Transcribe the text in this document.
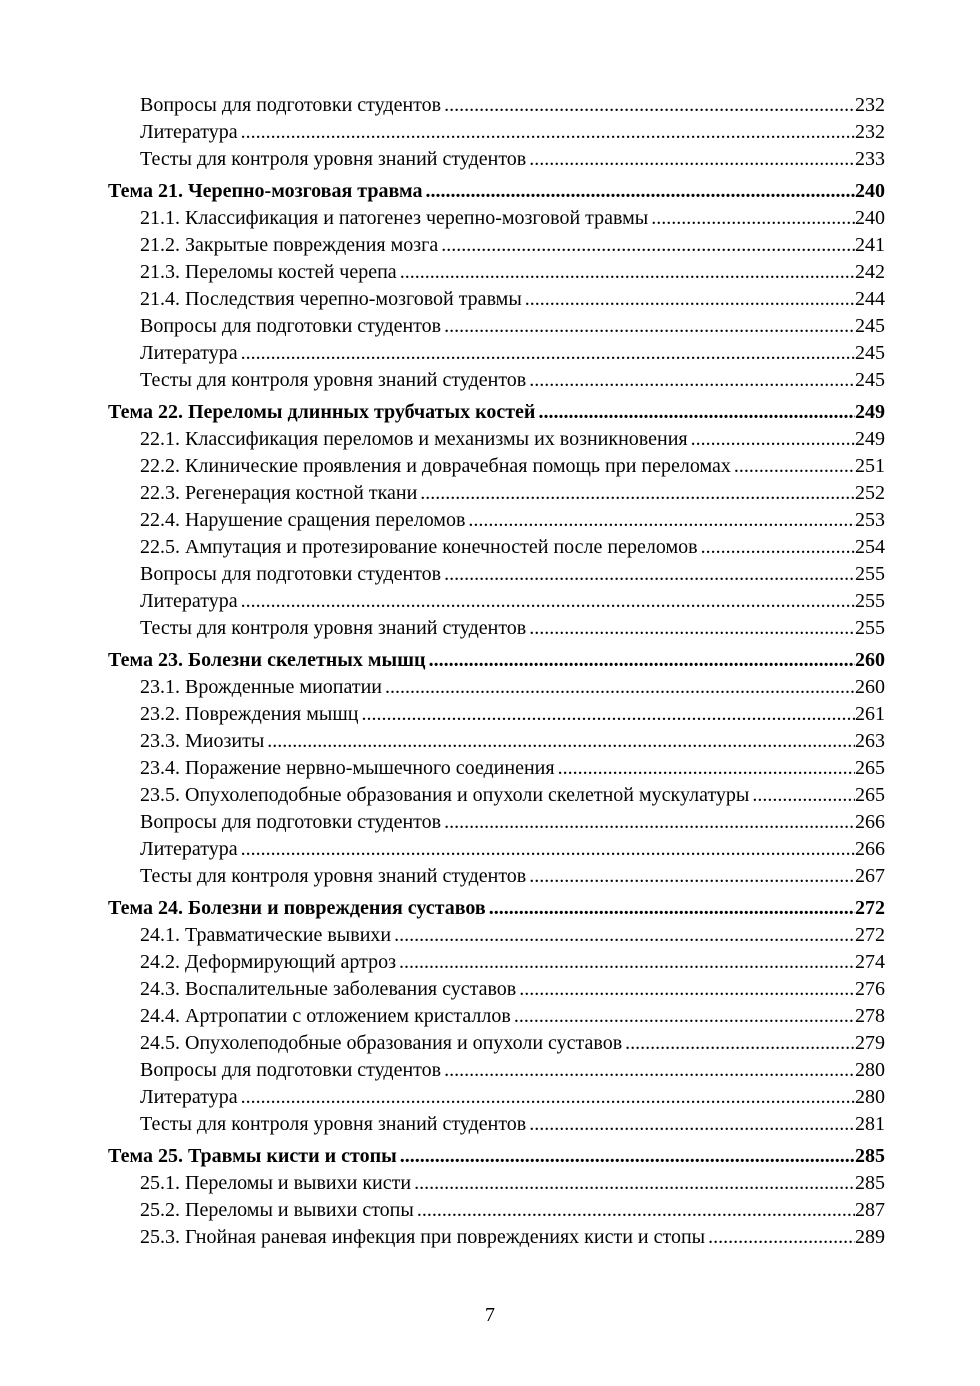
Вопросы для подготовки студентов .....	232
Литература .....	232
Тесты для контроля уровня знаний студентов .....	233
Тема 21. Черепно-мозговая травма .....	240
21.1. Классификация и патогенез черепно-мозговой травмы .....	240
21.2. Закрытые повреждения мозга .....	241
21.3. Переломы костей черепа .....	242
21.4. Последствия черепно-мозговой травмы .....	244
Вопросы для подготовки студентов .....	245
Литература .....	245
Тесты для контроля уровня знаний студентов .....	245
Тема 22. Переломы длинных трубчатых костей .....	249
22.1. Классификация переломов и механизмы их возникновения .....	249
22.2. Клинические проявления и доврачебная помощь при переломах .....	251
22.3. Регенерация костной ткани .....	252
22.4. Нарушение сращения переломов .....	253
22.5. Ампутация и протезирование конечностей после переломов .....	254
Вопросы для подготовки студентов .....	255
Литература .....	255
Тесты для контроля уровня знаний студентов .....	255
Тема 23. Болезни скелетных мышц .....	260
23.1. Врожденные миопатии .....	260
23.2. Повреждения мышц .....	261
23.3. Миозиты .....	263
23.4. Поражение нервно-мышечного соединения .....	265
23.5. Опухолеподобные образования и опухоли скелетной мускулатуры .....	265
Вопросы для подготовки студентов .....	266
Литература .....	266
Тесты для контроля уровня знаний студентов .....	267
Тема 24. Болезни и повреждения суставов .....	272
24.1. Травматические вывихи .....	272
24.2. Деформирующий артроз .....	274
24.3. Воспалительные заболевания суставов .....	276
24.4. Артропатии с отложением кристаллов .....	278
24.5. Опухолеподобные образования и опухоли суставов .....	279
Вопросы для подготовки студентов .....	280
Литература .....	280
Тесты для контроля уровня знаний студентов .....	281
Тема 25. Травмы кисти и стопы .....	285
25.1. Переломы и вывихи кисти .....	285
25.2. Переломы и вывихи стопы .....	287
25.3. Гнойная раневая инфекция при повреждениях кисти и стопы .....	289
7
